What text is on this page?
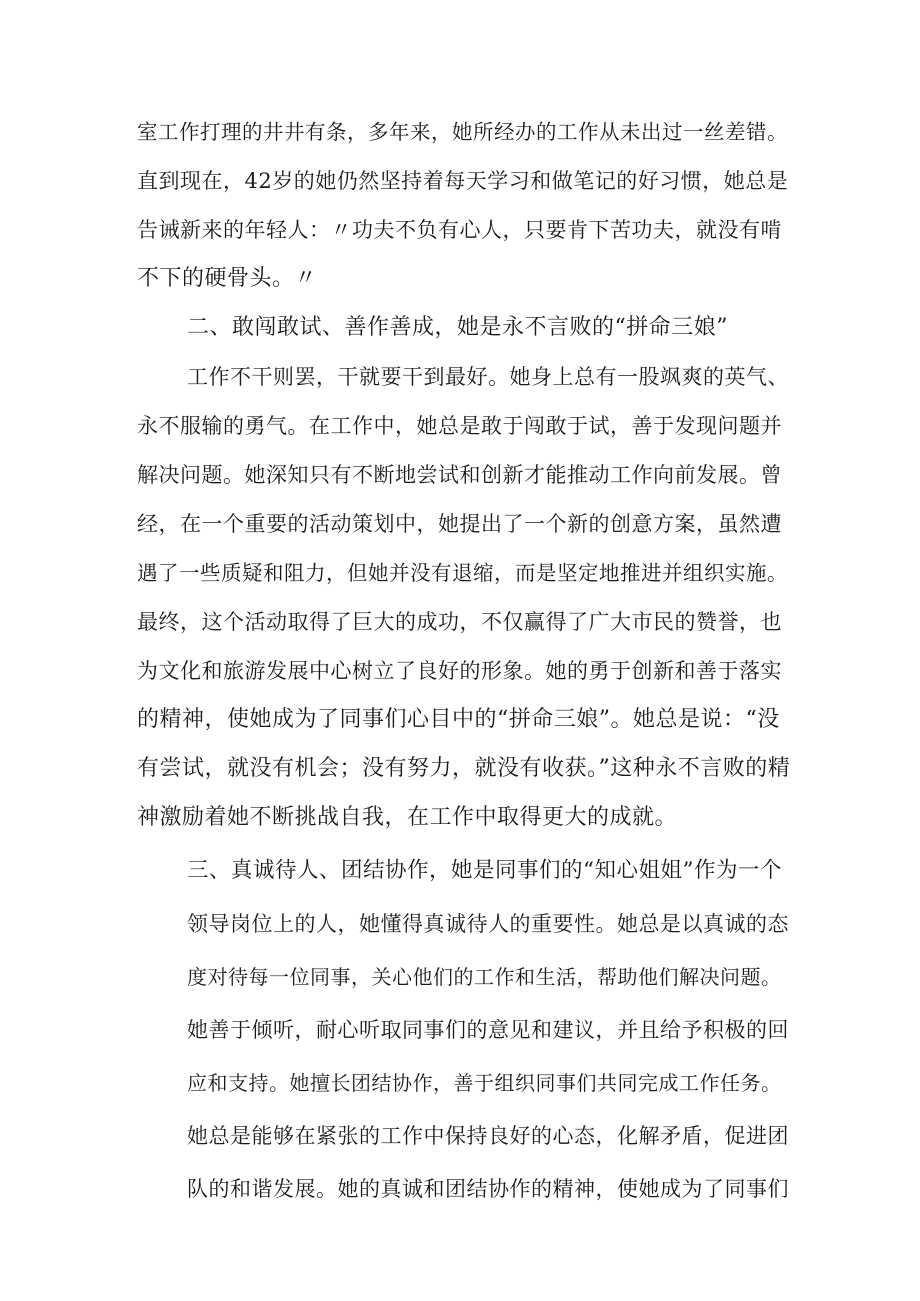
室工作打理的井井有条，多年来，她所经办的工作从未出过一丝差错。
直到现在，42岁的她仍然坚持着每天学习和做笔记的好习惯，她总是
告诫新来的年轻人：〃功夫不负有心人，只要肯下苦功夫，就没有啃
不下的硬骨头。〃
二、敢闯敢试、善作善成，她是永不言败的“拼命三娘”
工作不干则罢，干就要干到最好。她身上总有一股飒爽的英气、
永不服输的勇气。在工作中，她总是敢于闯敢于试，善于发现问题并
解决问题。她深知只有不断地尝试和创新才能推动工作向前发展。曾
经，在一个重要的活动策划中，她提出了一个新的创意方案，虽然遭
遇了一些质疑和阻力，但她并没有退缩，而是坚定地推进并组织实施。
最终，这个活动取得了巨大的成功，不仅赢得了广大市民的赞誉，也
为文化和旅游发展中心树立了良好的形象。她的勇于创新和善于落实
的精神，使她成为了同事们心目中的“拼命三娘”。她总是说：“没
有尝试，就没有机会；没有努力，就没有收获。”这种永不言败的精
神激励着她不断挑战自我，在工作中取得更大的成就。
三、真诚待人、团结协作，她是同事们的“知心姐姐”作为一个
领导岗位上的人，她懂得真诚待人的重要性。她总是以真诚的态
度对待每一位同事，关心他们的工作和生活，帮助他们解决问题。
她善于倾听，耐心听取同事们的意见和建议，并且给予积极的回
应和支持。她擅长团结协作，善于组织同事们共同完成工作任务。
她总是能够在紧张的工作中保持良好的心态，化解矛盾，促进团
队的和谐发展。她的真诚和团结协作的精神，使她成为了同事们
